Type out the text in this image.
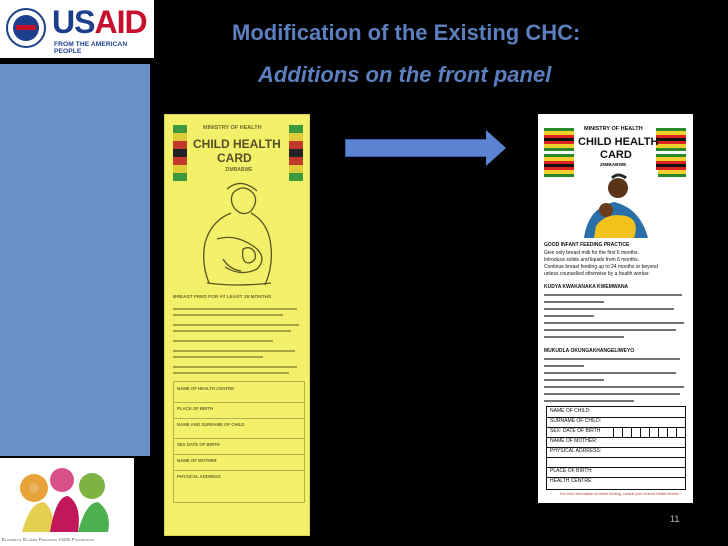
USAID
FROM THE AMERICAN PEOPLE
Modification of the Existing CHC:
Additions on the front panel
MINISTRY OF HEALTH
CHILD HEALTH
CARD
ZIMBABWE
BREAST FEED FOR AT LEAST 18 MONTHS
NAME OF HEALTH CENTRE
PLACE OF BIRTH
NAME AND SURNAME OF CHILD
SEX DATE OF BIRTH
NAME OF MOTHER
PHYSICAL ADDRESS
MINISTRY OF HEALTH
CHILD HEALTH
CARD
ZIMBABWE
GOOD INFANT FEEDING PRACTICE
Give only breast milk for the first 6 months.
Introduce solids and liquids from 6 months.
Continue breast feeding up to 24 months or beyond
unless counselled otherwise by a health worker.
KUDYA KWAKANAKA KWEMWANA
MUKUDLA OKUNGAKHANGELIWEYO
NAME OF CHILD:
SURNAME OF CHILD:
SEX: DATE OF BIRTH
NAME OF MOTHER:
PHYSICAL ADDRESS:
PLACE OF BIRTH:
HEALTH CENTRE:
For more information on infant feeding, consult your nearest Health Worker
Elizabeth Glaser Pediatric AIDS Foundation
11
